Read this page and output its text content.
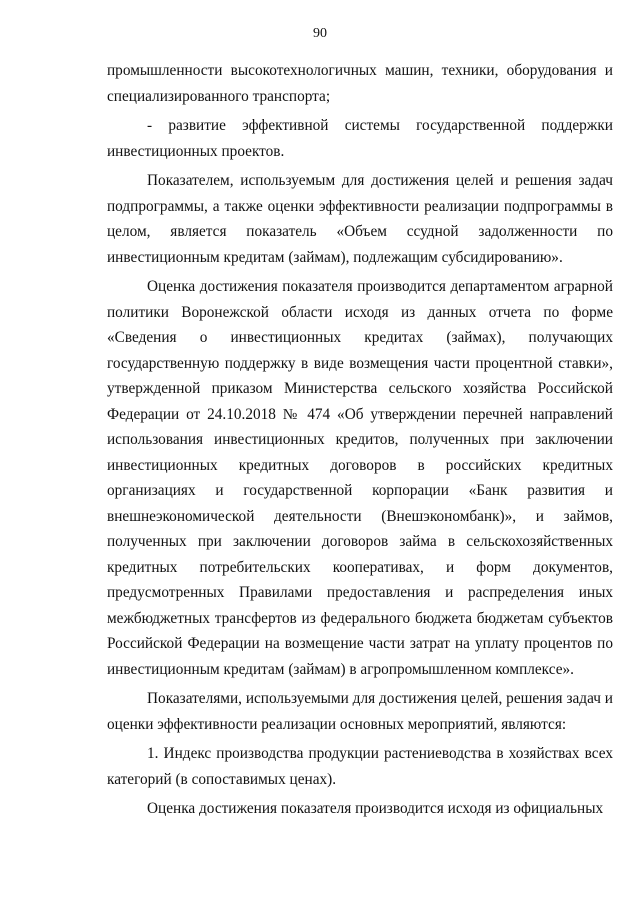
90

промышленности высокотехнологичных машин, техники, оборудования и специализированного транспорта;

- развитие эффективной системы государственной поддержки инвестиционных проектов.

Показателем, используемым для достижения целей и решения задач подпрограммы, а также оценки эффективности реализации подпрограммы в целом, является показатель «Объем ссудной задолженности по инвестиционным кредитам (займам), подлежащим субсидированию».

Оценка достижения показателя производится департаментом аграрной политики Воронежской области исходя из данных отчета по форме «Сведения о инвестиционных кредитах (займах), получающих государственную поддержку в виде возмещения части процентной ставки», утвержденной приказом Министерства сельского хозяйства Российской Федерации от 24.10.2018 № 474 «Об утверждении перечней направлений использования инвестиционных кредитов, полученных при заключении инвестиционных кредитных договоров в российских кредитных организациях и государственной корпорации «Банк развития и внешнеэкономической деятельности (Внешэкономбанк)», и займов, полученных при заключении договоров займа в сельскохозяйственных кредитных потребительских кооперативах, и форм документов, предусмотренных Правилами предоставления и распределения иных межбюджетных трансфертов из федерального бюджета бюджетам субъектов Российской Федерации на возмещение части затрат на уплату процентов по инвестиционным кредитам (займам) в агропромышленном комплексе».

Показателями, используемыми для достижения целей, решения задач и оценки эффективности реализации основных мероприятий, являются:

1. Индекс производства продукции растениеводства в хозяйствах всех категорий (в сопоставимых ценах).

Оценка достижения показателя производится исходя из официальных
